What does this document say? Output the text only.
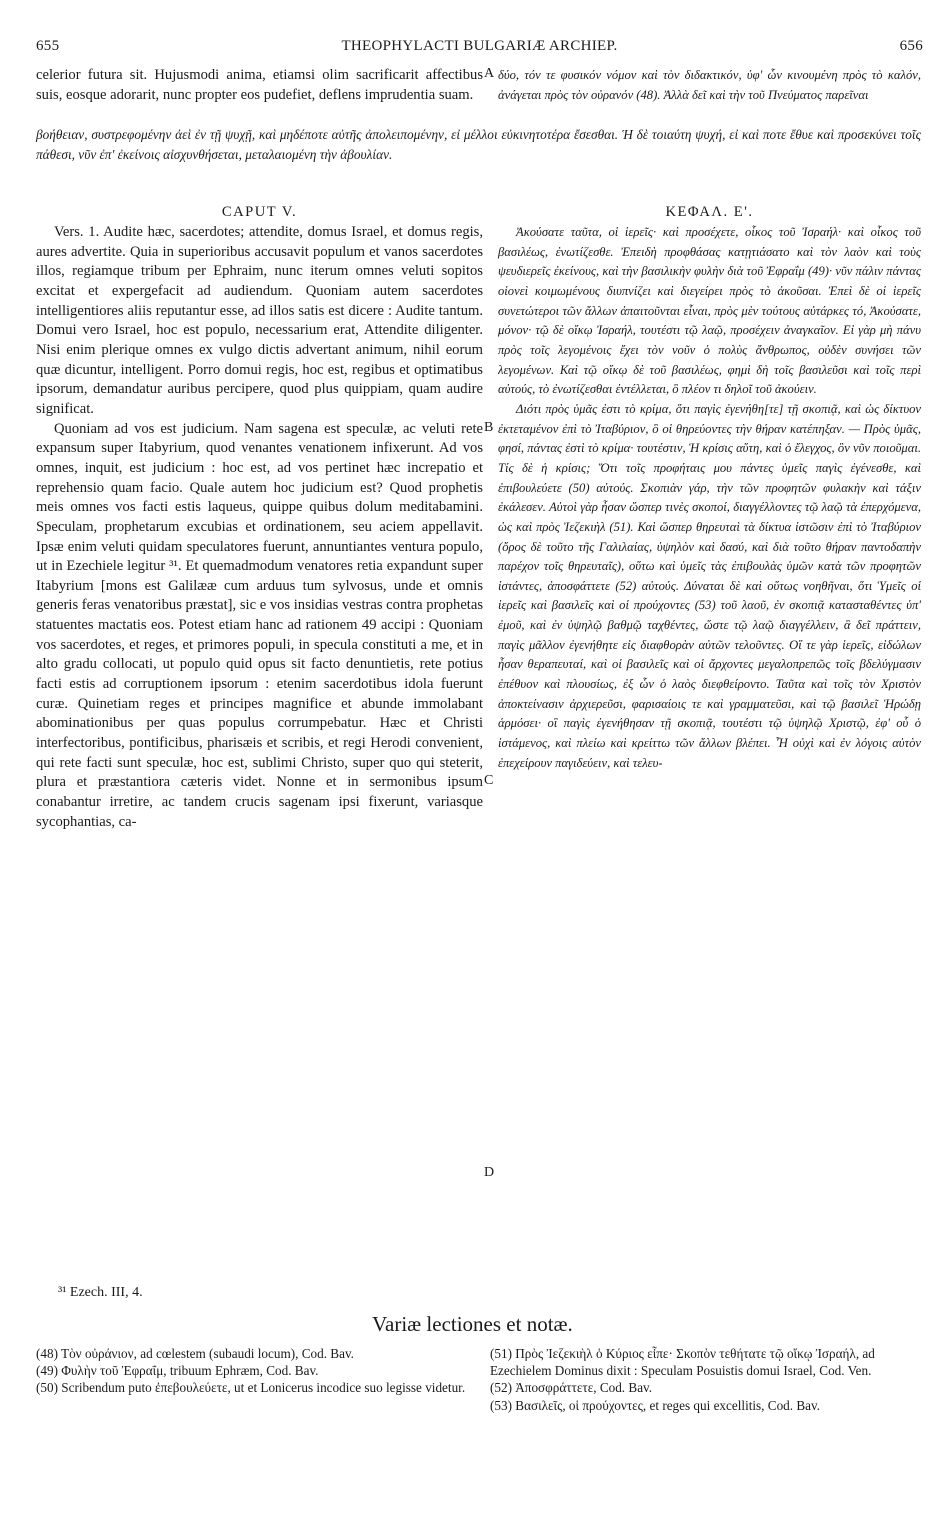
655	THEOPHYLACTI BULGARIÆ ARCHIEP.	656
celerior futura sit. Hujusmodi anima, etiamsi olim sacrificarit affectibus suis, eosque adorarit, nunc propter eos pudefiet, deflens imprudentia suam.
A δύο, τόν τε φυσικόν νόμον καὶ τὸν διδακτικόν, ὑφ' ὧν κινουμένη πρὸς τὸ καλόν, ἀνάγεται πρὸς τὸν οὐρανόν (48). Ἀλλὰ δεῖ καὶ τὴν τοῦ Πνεύματος παρεῖναι
βοήθειαν, συστρεφομένην ἀεὶ ἐν τῇ ψυχῇ, καὶ μηδέποτε αὐτῆς ἀπολειπομένην, εἰ μέλλοι εὐκινητοτέρα ἔσεσθαι. Ἡ δὲ τοιαύτη ψυχή, εἰ καὶ ποτε ἔθυε καὶ προσεκύνει τοῖς πάθεσι, νῦν ἐπ' ἐκείνοις αἰσχυνθήσεται, μεταλαιομένη τὴν ἀβουλίαν.
CAPUT V.	ΚΕΦΑΛ. Ε'.

Vers. 1. Audite hæc, sacerdotes; attendite, domus Israel, et domus regis, aures advertite. Quia in superioribus accusavit populum et vanos sacerdotes illos, regiamque tribum per Ephraim, nunc iterum omnes veluti sopitos excitat et expergefacit ad audiendum. Quoniam autem sacerdotes intelligentiores aliis reputantur esse, ad illos satis est dicere : Audite tantum. Domui vero Israel, hoc est populo, necessarium erat, Attendite diligenter. Nisi enim plerique omnes ex vulgo dictis advertant animum, nihil eorum quæ dicuntur, intelligent. Porro domui regis, hoc est, regibus et optimatibus ipsorum, demandatur auribus percipere, quod plus quippiam, quam audire significat.

Quoniam ad vos est judicium. Nam sagena est speculæ, ac veluti rete expansum super Itabyrium, quod venantes venationem infixerunt. Ad vos omnes, inquit, est judicium : hoc est, ad vos pertinet hæc increpatio et reprehensio quam facio. Quale autem hoc judicium est? Quod prophetis meis omnes vos facti estis laqueus, quippe quibus dolum meditabamini. Speculam, prophetarum excubias et ordinationem, seu aciem appellavit. Ipsæ enim veluti quidam speculatores fuerunt, annuntiantes ventura populo, ut in Ezechiele legitur ³¹. Et quemadmodum venatores retia expandunt super Itabyrium [mons est Galilææ cum arduus tum sylvosus, unde et omnis generis feras venatoribus præstat], sic e vos insidias vestras contra prophetas statuentes mactatis eos. Potest etiam hanc ad rationem 49 accipi : Quoniam vos sacerdotes, et reges, et primores populi, in specula constituti a me, et in alto gradu collocati, ut populo quid opus sit facto denuntietis, rete potius facti estis ad corruptionem ipsorum : etenim sacerdotibus idola fuerunt curæ. Quinetiam reges et principes magnifice et abunde immolabant abominationibus per quas populus corrumpebatur. Hæc et Christi interfectoribus, pontificibus, pharisæis et scribis, et regi Herodi convenient, qui rete facti sunt speculæ, hoc est, sublimi Christo, super quo qui steterit, plura et præstantiora cæteris videt. Nonne et in sermonibus ipsum conabantur irretire, ac tandem crucis sagenam ipsi fixerunt, variasque sycophantias, ca-

B
C
D

Ἀκούσατε ταῦτα, οἱ ἱερεῖς· καὶ προσέχετε, οἶκος τοῦ Ἰσραήλ· καὶ οἶκος τοῦ βασιλέως, ἐνωτίζεσθε. Ἐπειδὴ προφθάσας κατῃτιάσατο καὶ τὸν λαὸν καὶ τοὺς ψευδιερεῖς ἐκείνους, καὶ τὴν βασιλικὴν φυλὴν διὰ τοῦ Ἐφραΐμ (49)· νῦν πάλιν πάντας οἱονεὶ κοιμωμένους διυπνίζει καὶ διεγείρει πρὸς τὸ ἀκοῦσαι. Ἐπεὶ δὲ οἱ ἱερεῖς συνετώτεροι τῶν ἄλλων ἀπαιτοῦνται εἶναι, πρὸς μὲν τούτους αὐτάρκες τό, Ἀκούσατε, μόνον· τῷ δὲ οἴκῳ Ἰσραήλ, τουτέστι τῷ λαῷ, προσέχειν ἀναγκαῖον. Εἰ γὰρ μὴ πάνυ πρὸς τοῖς λεγομένοις ἔχει τὸν νοῦν ὁ πολὺς ἄνθρωπος, οὐδὲν συνήσει τῶν λεγομένων. Καὶ τῷ οἴκῳ δὲ τοῦ βασιλέως, φημὶ δὴ τοῖς βασιλεῦσι καὶ τοῖς περὶ αὐτούς, τὸ ἐνωτίζεσθαι ἐντέλλεται, ὃ πλέον τι δηλοῖ τοῦ ἀκούειν.

Διότι πρὸς ὑμᾶς ἐστι τὸ κρίμα, ὅτι παγὶς ἐγενήθη[τε] τῇ σκοπιᾷ, καὶ ὡς δίκτυον ἐκτεταμένον ἐπὶ τὸ Ἰταβύριον, ὃ οἱ θηρεύοντες τὴν θήραν κατέπηξαν. — Πρὸς ὑμᾶς, φησί, πάντας ἐστὶ τὸ κρίμα· τουτέστιν, Ἡ κρίσις αὕτη, καὶ ὁ ἔλεγχος, ὃν νῦν ποιοῦμαι. Τίς δὲ ἡ κρίσις; Ὅτι τοῖς προφήταις μου πάντες ὑμεῖς παγὶς ἐγένεσθε, καὶ ἐπιβουλεύετε (50) αὐτούς. Σκοπιὰν γάρ, τὴν τῶν προφητῶν φυλακὴν καὶ τάξιν ἐκάλεσεν. Αὐτοὶ γὰρ ἦσαν ὥσπερ τινὲς σκοποί, διαγγέλλοντες τῷ λαῷ τὰ ἐπερχόμενα, ὡς καὶ πρὸς Ἰεζεκιὴλ (51). Καὶ ὥσπερ θηρευταὶ τὰ δίκτυα ἱστῶσιν ἐπὶ τὸ Ἰταβύριον (ὄρος δὲ τοῦτο τῆς Γαλιλαίας, ὑψηλὸν καὶ δασύ, καὶ διὰ τοῦτο θήραν παντοδαπὴν παρέχον τοῖς θηρευταῖς), οὕτω καὶ ὑμεῖς τὰς ἐπιβουλὰς ὑμῶν κατὰ τῶν προφητῶν ἱστάντες, ἀποσφάττετε (52) αὐτούς. Δύναται δὲ καὶ οὕτως νοηθῆναι, ὅτι Ὑμεῖς οἱ ἱερεῖς καὶ βασιλεῖς καὶ οἱ προύχοντες (53) τοῦ λαοῦ, ἐν σκοπιᾷ κατασταθέντες ὑπ' ἐμοῦ, καὶ ἐν ὑψηλῷ βαθμῷ ταχθέντες, ὥστε τῷ λαῷ διαγγέλλειν, ἃ δεῖ πράττειν, παγὶς μᾶλλον ἐγενήθητε εἰς διαφθορὰν αὐτῶν τελοῦντες. Οἵ τε γὰρ ἱερεῖς, εἰδώλων ἦσαν θεραπευταί, καὶ οἱ βασιλεῖς καὶ οἱ ἄρχοντες μεγαλοπρεπῶς τοῖς βδελύγμασιν ἐπέθυον καὶ πλουσίως, ἐξ ὧν ὁ λαὸς διεφθείροντο. Ταῦτα καὶ τοῖς τὸν Χριστὸν ἀποκτείνασιν ἀρχιερεῦσι, φαρισαίοις τε καὶ γραμματεῦσι, καὶ τῷ βασιλεῖ Ἡρώδῃ ἁρμόσει· οἳ παγὶς ἐγενήθησαν τῇ σκοπιᾷ, τουτέστι τῷ ὑψηλῷ Χριστῷ, ἐφ' οὗ ὁ ἱστάμενος, καὶ πλείω καὶ κρείττω τῶν ἄλλων βλέπει. Ἦ οὐχὶ καὶ ἐν λόγοις αὐτὸν ἐπεχείρουν παγιδεύειν, καὶ τελευ-

³¹ Ezech. III, 4.
Variæ lectiones et notæ.

(48) Τὸν οὐράνιον, ad cœlestem (subaudi locum), Cod. Bav.

(49) Φυλὴν τοῦ Ἐφραΐμ, tribuum Ephræm, Cod. Bav.

(50) Scribendum puto ἐπεβουλεύετε, ut et Lonicerus incodice suo legisse videtur.

(51) Πρὸς Ἰεζεκιὴλ ὁ Κύριος εἶπε· Σκοπὸν τεθήτατε τῷ οἴκῳ Ἰσραήλ, ad Ezechielem Dominus dixit : Speculam Posuistis domui Israel, Cod. Ven.

(52) Ἀποσφράττετε, Cod. Bav.

(53) Βασιλεῖς, οἱ προύχοντες, et reges qui excellitis, Cod. Bav.
